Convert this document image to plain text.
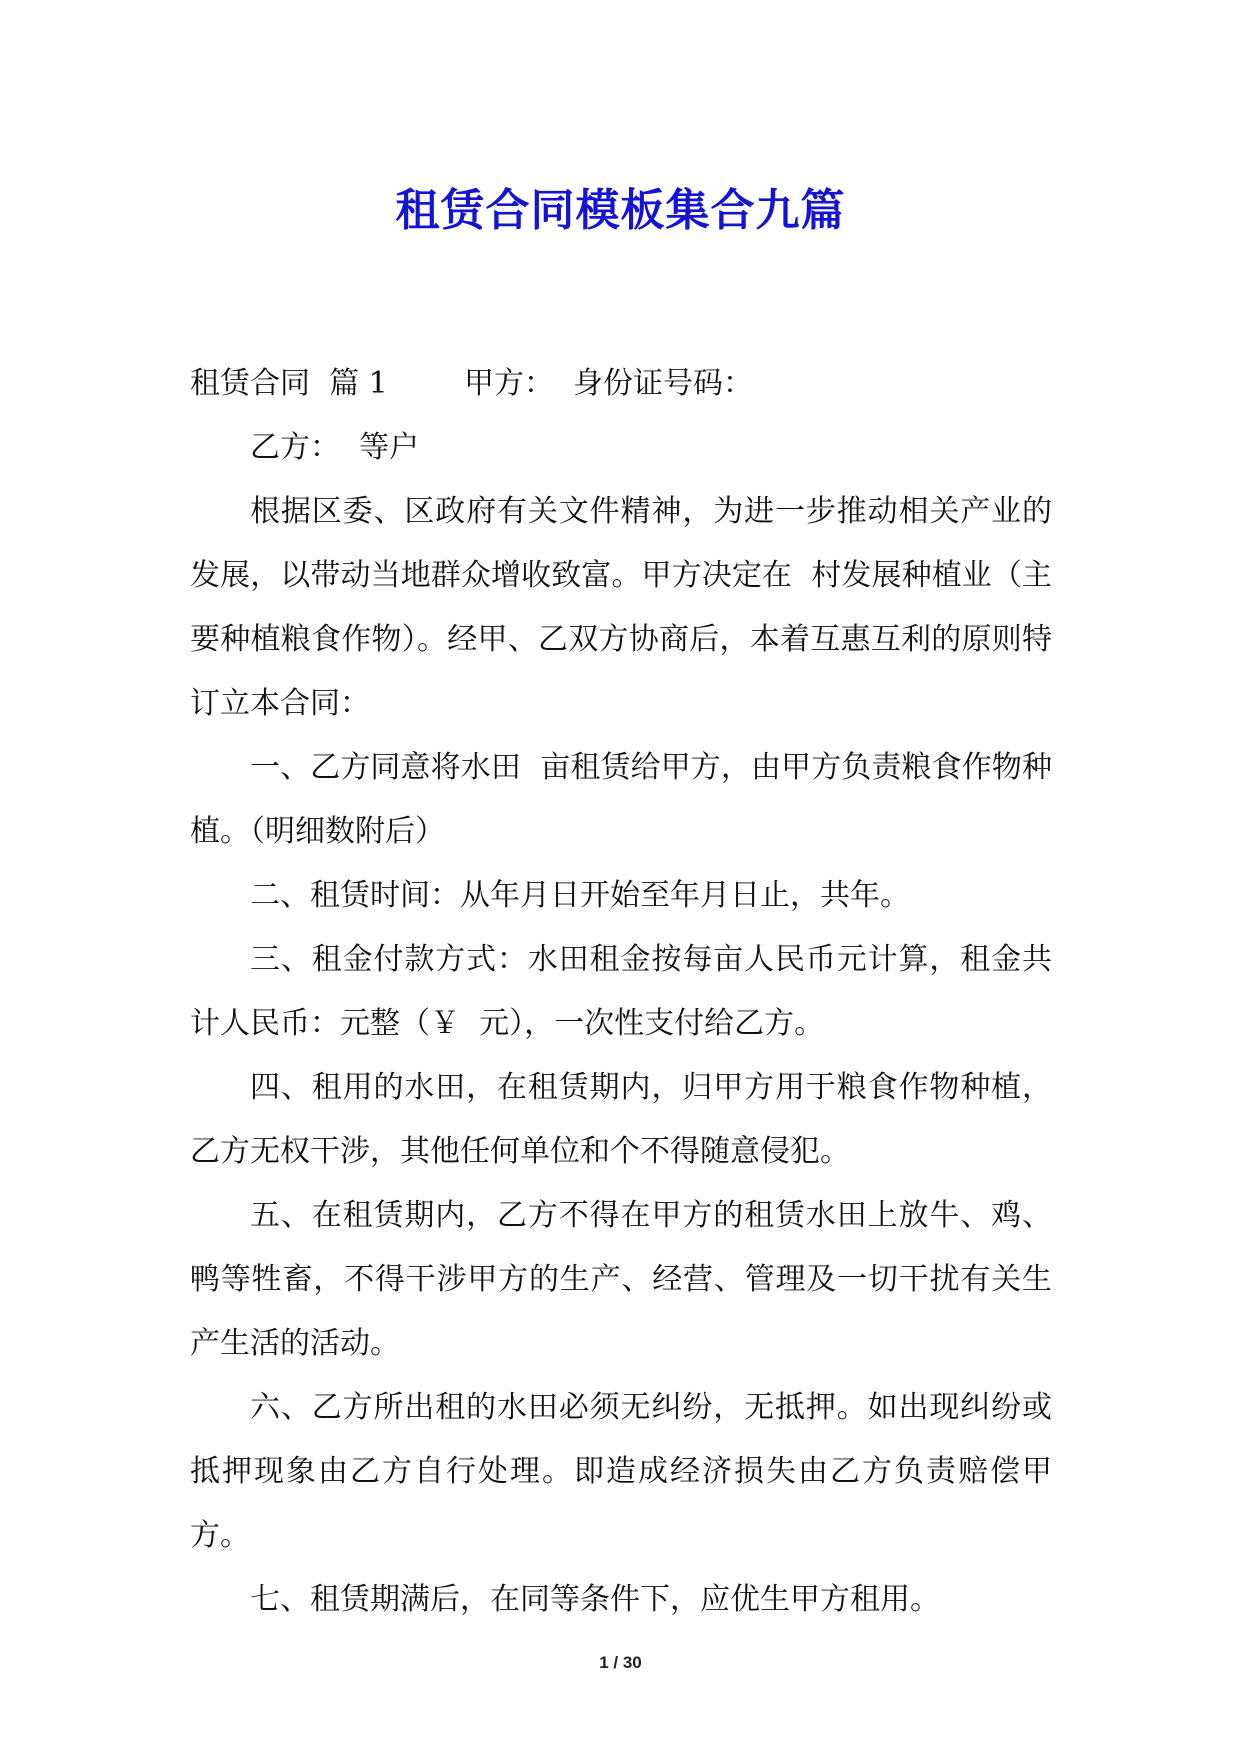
租赁合同模板集合九篇

租赁合同  篇 1        甲方：  身份证号码：

乙方：  等户

根据区委、区政府有关文件精神，为进一步推动相关产业的发展，以带动当地群众增收致富。甲方决定在  村发展种植业（主要种植粮食作物）。经甲、乙双方协商后，本着互惠互利的原则特订立本合同：

一、乙方同意将水田  亩租赁给甲方，由甲方负责粮食作物种植。（明细数附后）

二、租赁时间：从年月日开始至年月日止，共年。

三、租金付款方式：水田租金按每亩人民币元计算，租金共计人民币：元整（￥  元），一次性支付给乙方。

四、租用的水田，在租赁期内，归甲方用于粮食作物种植，乙方无权干涉，其他任何单位和个不得随意侵犯。

五、在租赁期内，乙方不得在甲方的租赁水田上放牛、鸡、鸭等牲畜，不得干涉甲方的生产、经营、管理及一切干扰有关生产生活的活动。

六、乙方所出租的水田必须无纠纷，无抵押。如出现纠纷或抵押现象由乙方自行处理。即造成经济损失由乙方负责赔偿甲方。

七、租赁期满后，在同等条件下，应优生甲方租用。

1 / 30
